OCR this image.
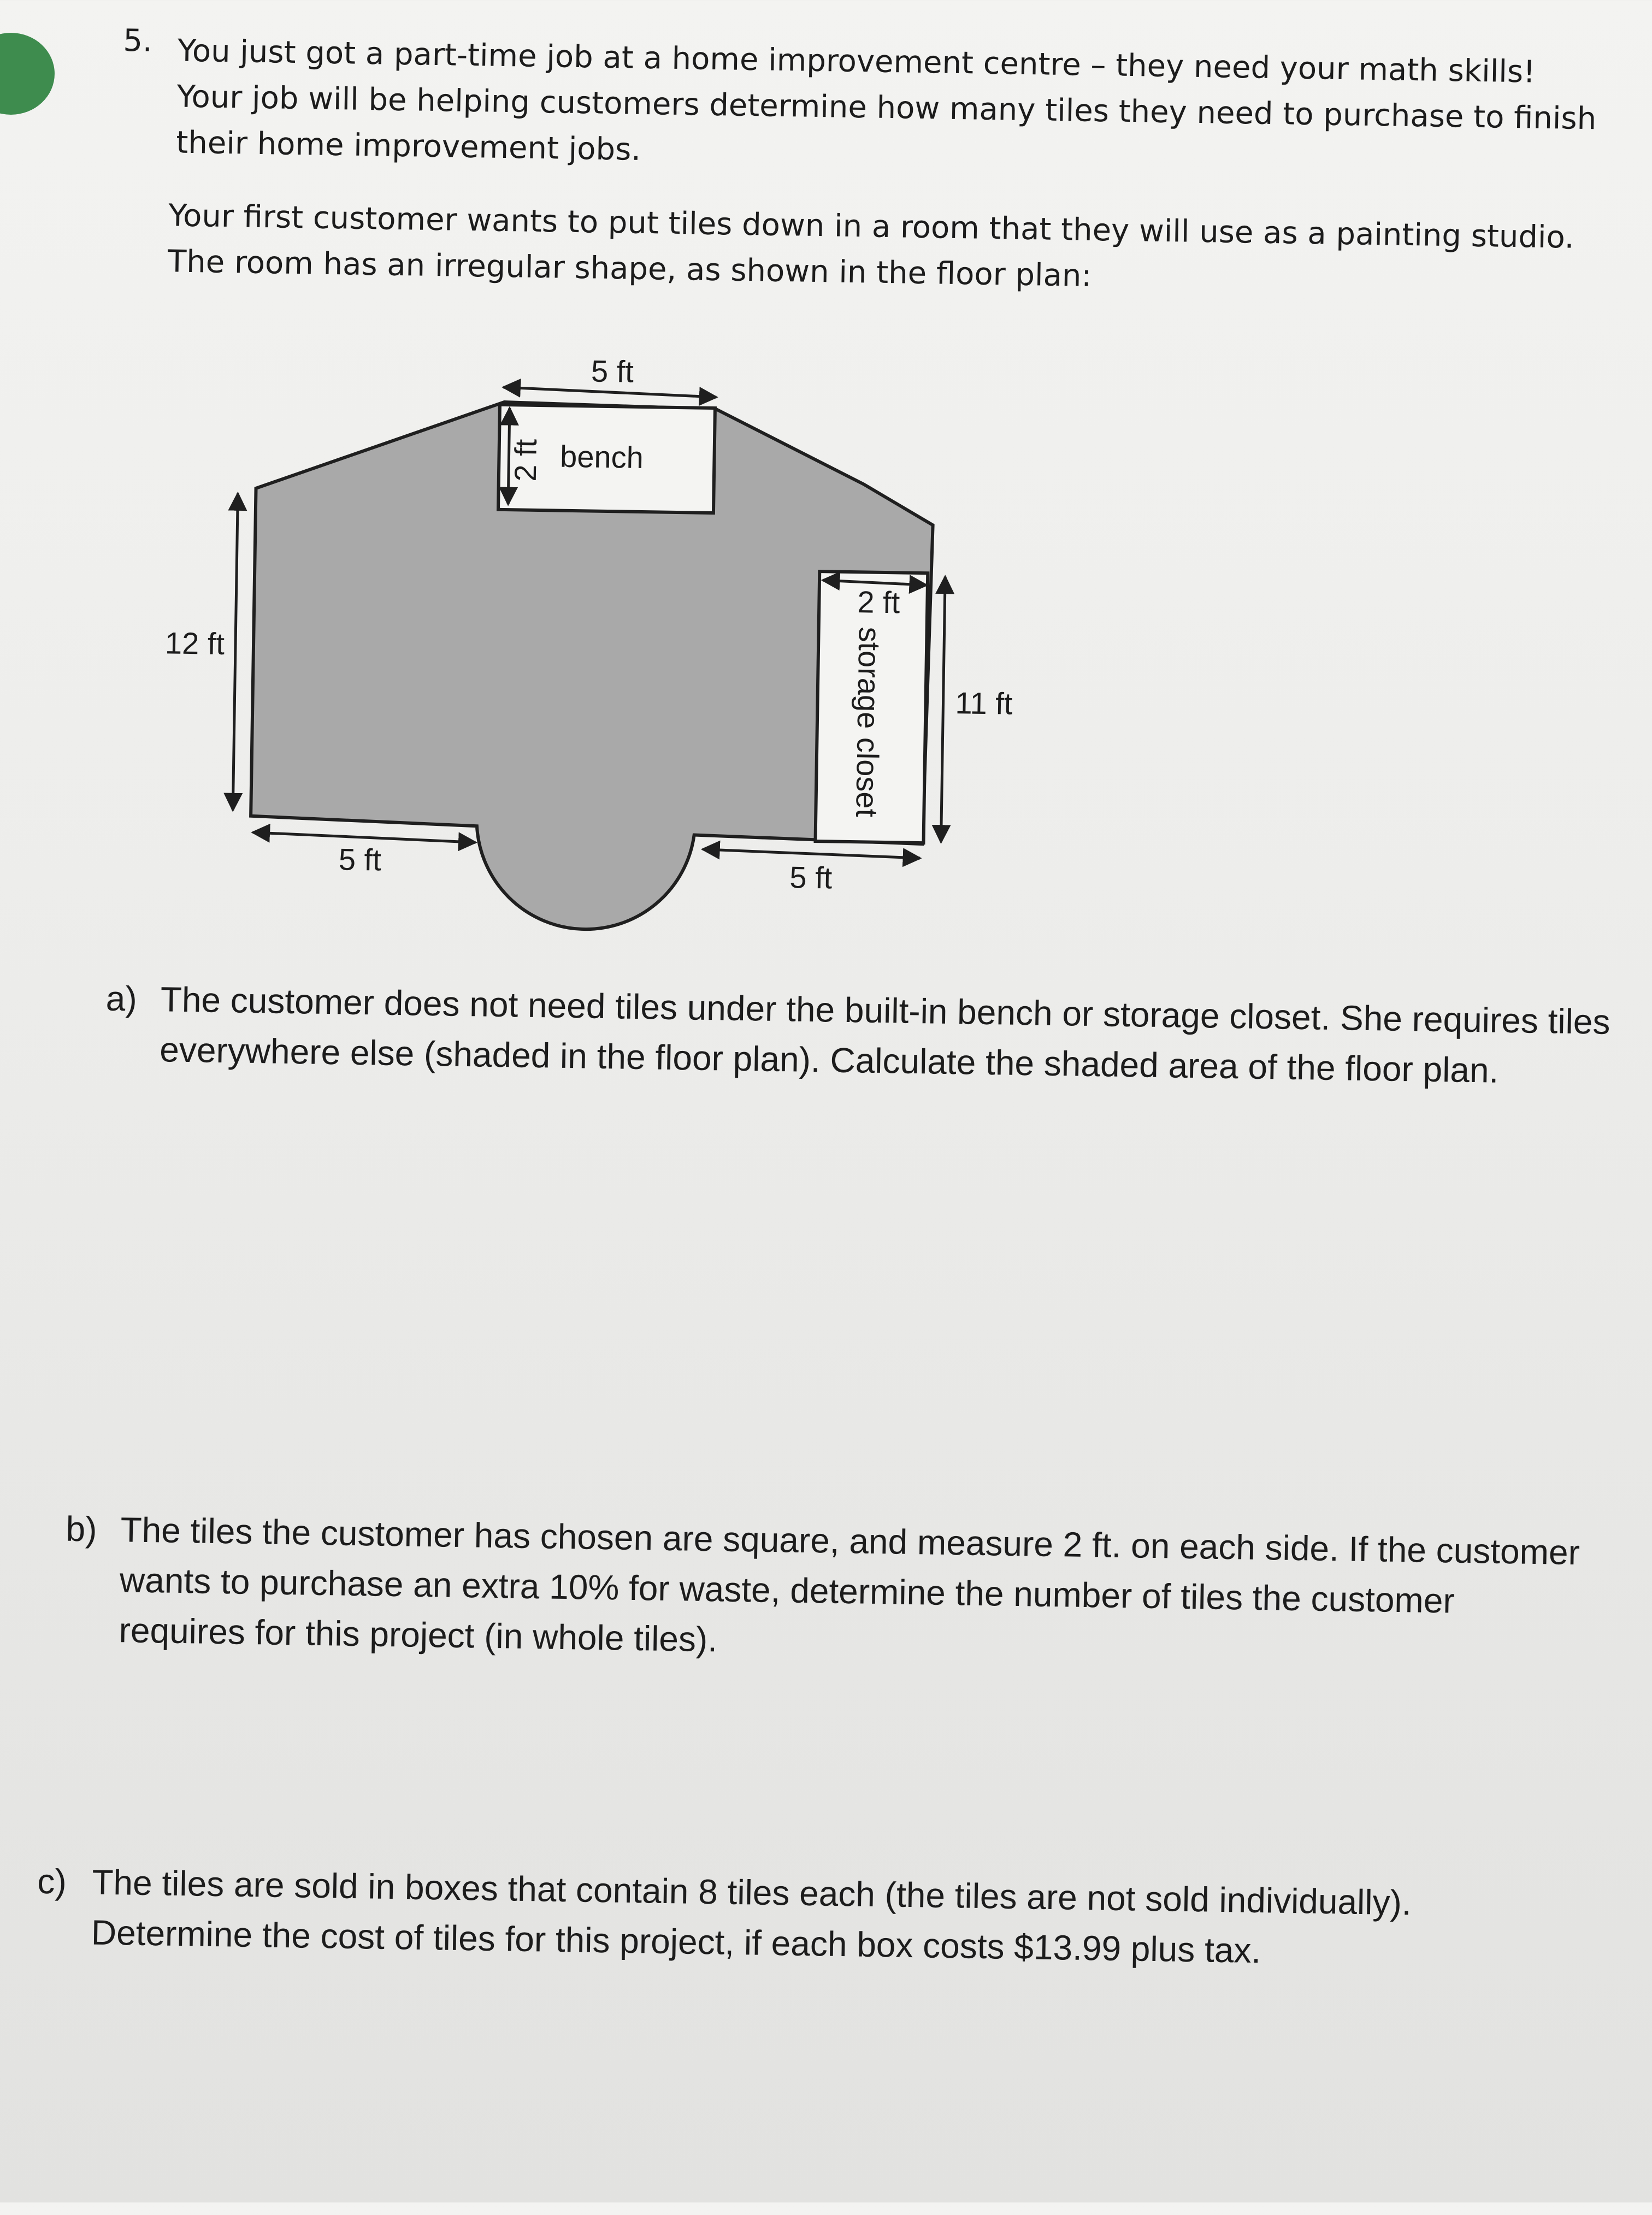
5. You just got a part-time job at a home improvement centre – they need your math skills! Your job will be helping customers determine how many tiles they need to purchase to finish their home improvement jobs.

Your first customer wants to put tiles down in a room that they will use as a painting studio. The room has an irregular shape, as shown in the floor plan:

5 ft
2 ft bench
12 ft
11 ft
2 ft
storage closet
5 ft
5 ft
a) The customer does not need tiles under the built-in bench or storage closet. She requires tiles everywhere else (shaded in the floor plan). Calculate the shaded area of the floor plan.

b) The tiles the customer has chosen are square, and measure 2 ft. on each side. If the customer wants to purchase an extra 10% for waste, determine the number of tiles the customer requires for this project (in whole tiles).

c) The tiles are sold in boxes that contain 8 tiles each (the tiles are not sold individually). Determine the cost of tiles for this project, if each box costs $13.99 plus tax.
